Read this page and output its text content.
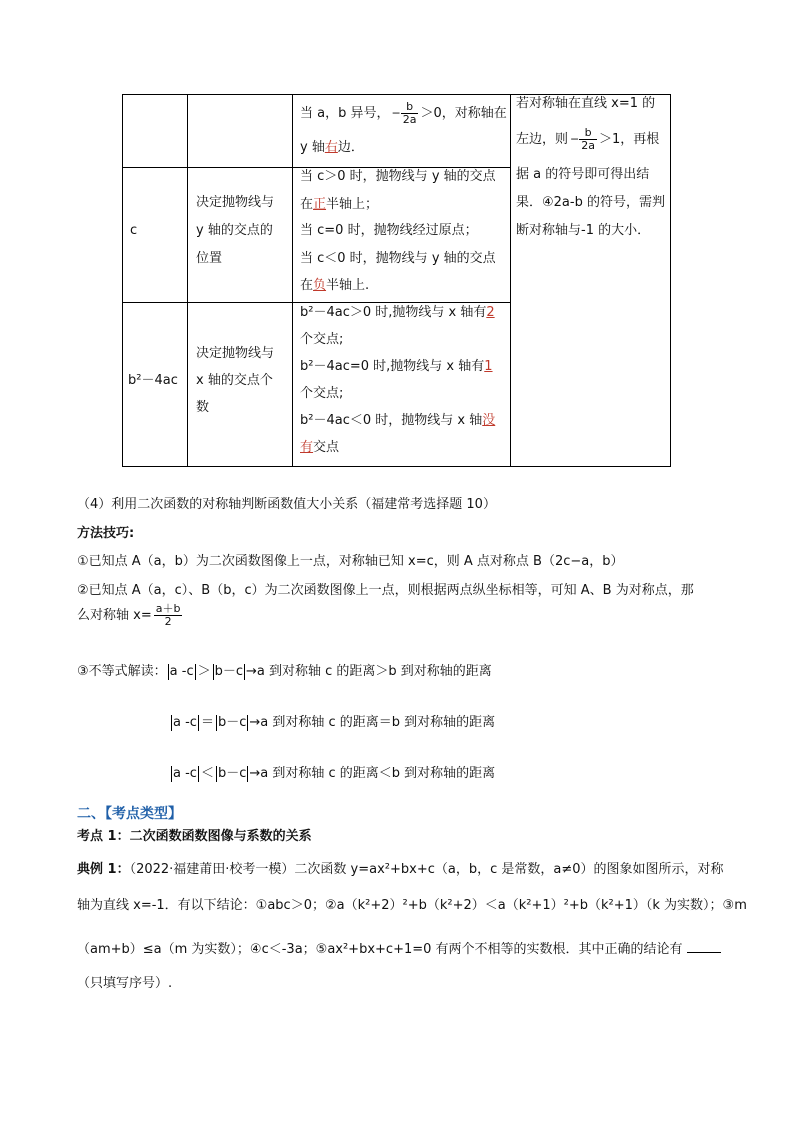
当 a，b 异号， − $\frac{b}{2a} >0$，对称轴在
y 轴右边．
若对称轴在直线 x=1 的
左边，则 − $\frac{b}{2a} >1$，再根
据 a 的符号即可得出结
果．④2a-b 的符号，需判
断对称轴与-1 的大小．
c
决定抛物线与
y 轴的交点的
位置
当 c＞0 时，抛物线与 y 轴的交点
在正半轴上；
当 c=0 时，抛物线经过原点；
当 c＜0 时，抛物线与 y 轴的交点
在负半轴上.
b²－4ac
决定抛物线与
x 轴的交点个
数
b²－4ac＞0 时,抛物线与 x 轴有2
个交点;
b²－4ac=0 时,抛物线与 x 轴有1
个交点;
b²－4ac＜0 时，抛物线与 x 轴没
有交点
（4）利用二次函数的对称轴判断函数值大小关系（福建常考选择题 10）
方法技巧:
①已知点 A（a，b）为二次函数图像上一点，对称轴已知 x=c，则 A 点对称点 B（2c−a，b）
②已知点 A（a，c）、B（b，c）为二次函数图像上一点，则根据两点纵坐标相等，可知 A、B 为对称点，那
么对称轴 $x= \frac{a+b}{2}$
③不等式解读： a -c ＞ b－c →a 到对称轴 c 的距离＞b 到对称轴的距离
a -c ＝ b－c →a 到对称轴 c 的距离＝b 到对称轴的距离
a -c ＜ b－c →a 到对称轴 c 的距离＜b 到对称轴的距离
二、【考点类型】
考点 1：二次函数函数图像与系数的关系
典例 1：（2022·福建莆田·校考一模）二次函数 y=ax²+bx+c（a，b，c 是常数，a≠0）的图象如图所示，对称
轴为直线 x=-1．有以下结论：①abc＞0；②a（k²+2）²+b（k²+2）＜a（k²+1）²+b（k²+1）（k 为实数）；③m
（am+b）≤a（m 为实数）；④c＜-3a；⑤ax²+bx+c+1=0 有两个不相等的实数根．其中正确的结论有
（只填写序号）.
